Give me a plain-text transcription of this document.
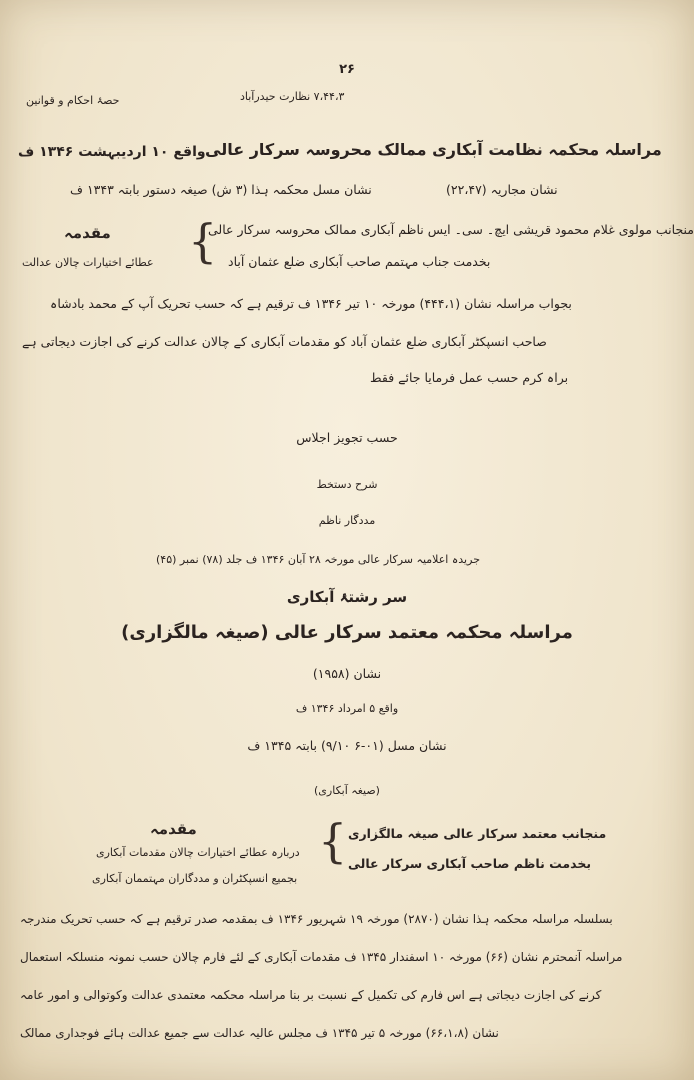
۲۶
حصۂ احکام و قوانین	۷،۴۴،۳ نظارت حیدرآباد
مراسلہ محکمہ نظامت آبکاری ممالک محروسہ سرکار عالی
واقع ۱۰ اردیبہشت ۱۳۴۶ ف
نشان مجاریہ (۲۲،۴۷)
نشان مسل محکمہ ہذا (۳ ش) صیغہ دستور بابتہ ۱۳۴۳ ف
منجانب مولوی غلام محمود قریشی ایچ۔ سی۔ ایس ناظم آبکاری ممالک محروسہ سرکار عالی
بخدمت جناب مہتمم صاحب آبکاری ضلع عثمان آباد
{
مقدمہ
عطائے اختیارات چالان عدالت
بجواب مراسلہ نشان (۴۴۴،۱) مورخہ ۱۰ تیر ۱۳۴۶ ف ترقیم ہے کہ حسب تحریک آپ کے محمد بادشاہ
صاحب انسپکٹر آبکاری ضلع عثمان آباد کو مقدمات آبکاری کے چالان عدالت کرنے کی اجازت دیجاتی ہے
براہ کرم حسب عمل فرمایا جائے فقط
حسب تجویز اجلاس
شرح دستخط
مددگار ناظم
جریدہ اعلامیہ سرکار عالی مورخہ ۲۸ آبان ۱۳۴۶ ف جلد (۷۸) نمبر (۴۵)
سر رشتۂ آبکاری
مراسلہ محکمہ معتمد سرکار عالی (صیغہ مالگزاری)
نشان (۱۹۵۸)
واقع ۵ امرداد ۱۳۴۶ ف
نشان مسل (۰۱-۶ ۹/۱۰) بابتہ ۱۳۴۵ ف
(صیغہ آبکاری)
منجانب معتمد سرکار عالی صیغہ مالگزاری
بخدمت ناظم صاحب آبکاری سرکار عالی
{
مقدمہ
دربارہ عطائے اختیارات چالان مقدمات آبکاری
بجمیع انسپکٹران و مددگاران مہتممان آبکاری
بسلسلہ مراسلہ محکمہ ہذا نشان (۲۸۷۰) مورخہ ۱۹ شہریور ۱۳۴۶ ف بمقدمہ صدر ترقیم ہے کہ حسب تحریک مندرجہ
مراسلہ آنمحترم نشان (۶۶) مورخہ ۱۰ اسفندار ۱۳۴۵ ف مقدمات آبکاری کے لئے فارم چالان حسب نمونہ منسلکہ استعمال
کرنے کی اجازت دیجاتی ہے اس فارم کی تکمیل کے نسبت بر بنا مراسلہ محکمہ معتمدی عدالت وکوتوالی و امور عامہ
نشان (۶۶،۱،۸) مورخہ ۵ تیر ۱۳۴۵ ف مجلس عالیہ عدالت سے جمیع عدالت ہائے فوجداری ممالک
